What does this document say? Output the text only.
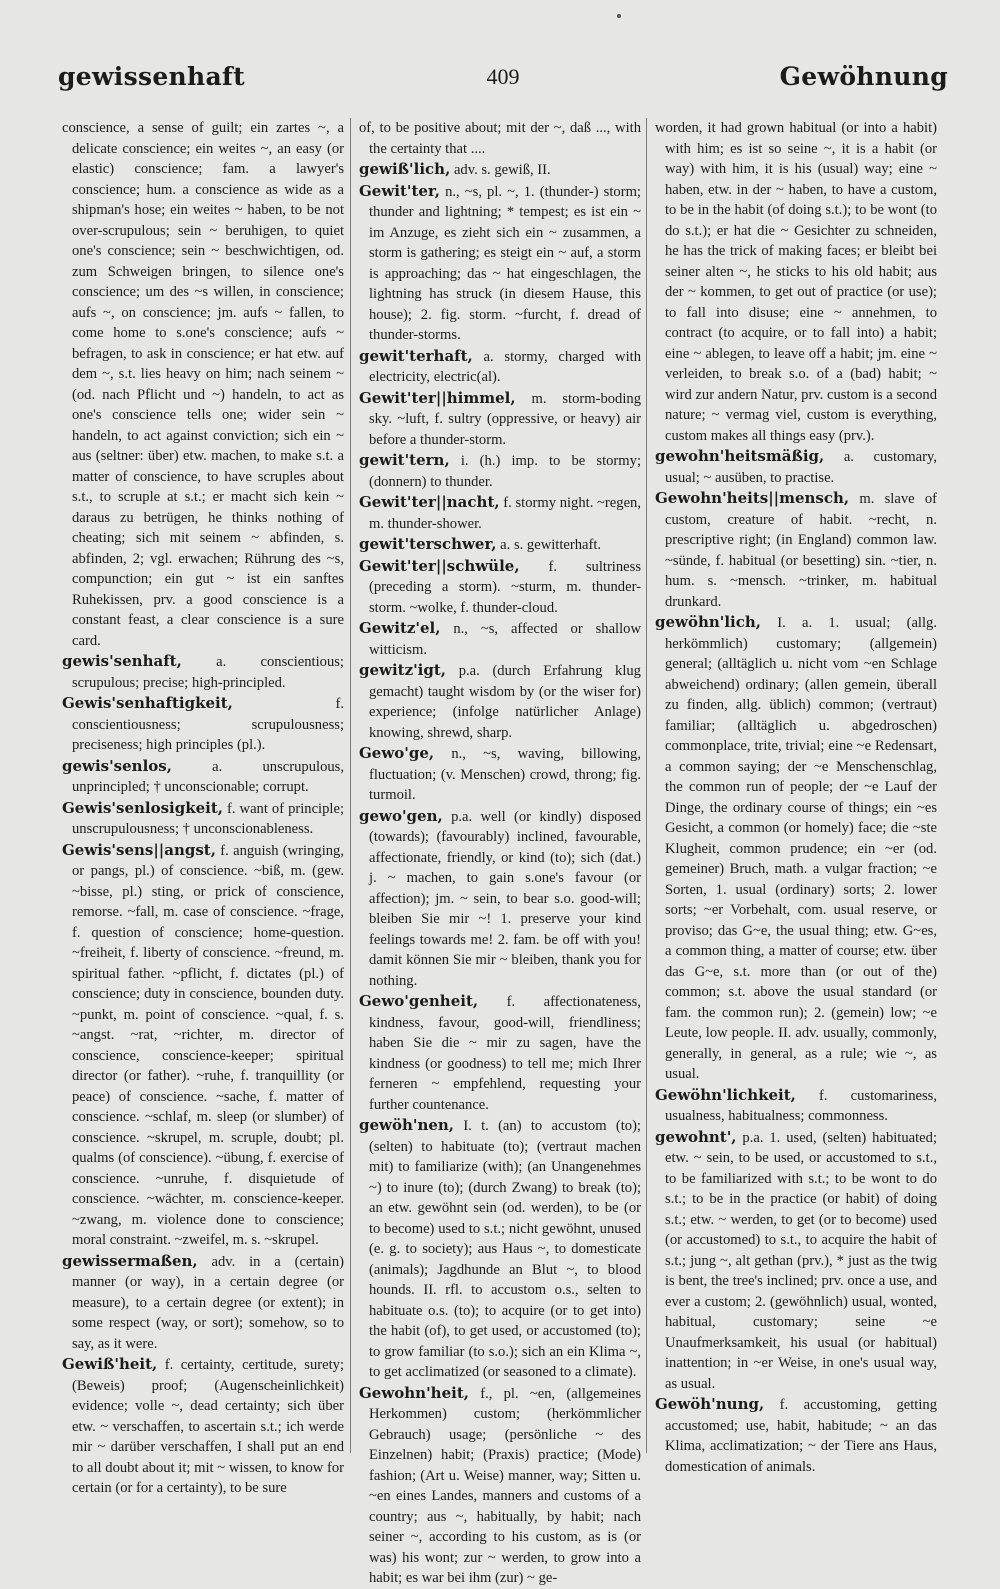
gewissenhaft	409	Gewöhnung

conscience, a sense of guilt; ein zartes ~, a delicate conscience; ein weites ~, an easy (or elastic) conscience; fam. a lawyer's conscience; hum. a conscience as wide as a shipman's hose; ein weites ~ haben, to be not over-scrupulous; sein ~ beruhigen, to quiet one's conscience; sein ~ beschwichtigen, od. zum Schweigen bringen, to silence one's conscience; um des ~s willen, in conscience; aufs ~, on conscience; jm. aufs ~ fallen, to come home to s.one's conscience; aufs ~ befragen, to ask in conscience; er hat etw. auf dem ~, s.t. lies heavy on him; nach seinem ~ (od. nach Pflicht und ~) handeln, to act as one's conscience tells one; wider sein ~ handeln, to act against conviction; sich ein ~ aus (seltner: über) etw. machen, to make s.t. a matter of conscience, to have scruples about s.t., to scruple at s.t.; er macht sich kein ~ daraus zu betrügen, he thinks nothing of cheating; sich mit seinem ~ abfinden, s. abfinden, 2; vgl. erwachen; Rührung des ~s, compunction; ein gut ~ ist ein sanftes Ruhekissen, prv. a good conscience is a constant feast, a clear conscience is a sure card.

gewis'senhaft, a. conscientious; scrupulous; precise; high-principled.

Gewis'senhaftigkeit,	f. conscientiousness; scrupulousness; preciseness; high principles (pl.).

gewis'senlos,	a. unscrupulous, unprincipled; † unconscionable; corrupt.

Gewis'senlosigkeit, f. want of principle; unscrupulousness; † unconscionableness.

Gewis'sens||angst, f. anguish (wringing, or pangs, pl.) of conscience. ~biß, m. (gew. ~bisse, pl.) sting, or prick of conscience, remorse. ~fall, m. case of conscience. ~frage, f. question of conscience; home-question. ~freiheit, f. liberty of conscience. ~freund, m. spiritual father. ~pflicht, f. dictates (pl.) of conscience; duty in conscience, bounden duty. ~punkt, m. point of conscience. ~qual, f. s. ~angst. ~rat, ~richter, m. director of conscience, conscience-keeper; spiritual director (or father). ~ruhe, f. tranquillity (or peace) of conscience. ~sache, f. matter of conscience. ~schlaf, m. sleep (or slumber) of conscience. ~skrupel, m. scruple, doubt; pl. qualms (of conscience). ~übung, f. exercise of conscience. ~unruhe, f. disquietude of conscience. ~wächter, m. conscience-keeper. ~zwang, m. violence done to conscience; moral constraint. ~zweifel, m. s. ~skrupel.

gewissermaßen, adv. in a (certain) manner (or way), in a certain degree (or measure), to a certain degree (or extent); in some respect (way, or sort); somehow, so to say, as it were.

Gewiß'heit, f. certainty, certitude, surety; (Beweis) proof; (Augenscheinlichkeit) evidence; volle ~, dead certainty; sich über etw. ~ verschaffen, to ascertain s.t.; ich werde mir ~ darüber verschaffen, I shall put an end to all doubt about it; mit ~ wissen, to know for certain (or for a certainty), to be sure

of, to be positive about; mit der ~, daß ..., with the certainty that ....

gewiß'lich, adv. s. gewiß, II.

Gewit'ter, n., ~s, pl. ~, 1. (thunder-) storm; thunder and lightning; * tempest; es ist ein ~ im Anzuge, es zieht sich ein ~ zusammen, a storm is gathering; es steigt ein ~ auf, a storm is approaching; das ~ hat eingeschlagen, the lightning has struck (in diesem Hause, this house); 2. fig. storm. ~furcht, f. dread of thunder-storms.

gewit'terhaft, a. stormy, charged with electricity, electric(al).

Gewit'ter||himmel, m. storm-boding sky. ~luft, f. sultry (oppressive, or heavy) air before a thunder-storm.

gewit'tern, i. (h.) imp. to be stormy; (donnern) to thunder.

Gewit'ter||nacht, f. stormy night. ~regen, m. thunder-shower.

gewit'terschwer, a. s. gewitterhaft.

Gewit'ter||schwüle, f. sultriness (preceding a storm). ~sturm, m. thunder-storm. ~wolke, f. thunder-cloud.

Gewitz'el, n., ~s, affected or shallow witticism.

gewitz'igt, p.a. (durch Erfahrung klug gemacht) taught wisdom by (or the wiser for) experience; (infolge natürlicher Anlage) knowing, shrewd, sharp.

Gewo'ge, n., ~s, waving, billowing, fluctuation; (v. Menschen) crowd, throng; fig. turmoil.

gewo'gen, p.a. well (or kindly) disposed (towards); (favourably) inclined, favourable, affectionate, friendly, or kind (to); sich (dat.) j. ~ machen, to gain s.one's favour (or affection); jm. ~ sein, to bear s.o. good-will; bleiben Sie mir ~! 1. preserve your kind feelings towards me! 2. fam. be off with you! damit können Sie mir ~ bleiben, thank you for nothing.

Gewo'genheit, f. affectionateness, kindness, favour, good-will, friendliness; haben Sie die ~ mir zu sagen, have the kindness (or goodness) to tell me; mich Ihrer ferneren ~ empfehlend, requesting your further countenance.

gewöh'nen, I. t. (an) to accustom (to); (selten) to habituate (to); (vertraut machen mit) to familiarize (with); (an Unangenehmes ~) to inure (to); (durch Zwang) to break (to); an etw. gewöhnt sein (od. werden), to be (or to become) used to s.t.; nicht gewöhnt, unused (e. g. to society); aus Haus ~, to domesticate (animals); Jagdhunde an Blut ~, to blood hounds. II. rfl. to accustom o.s., selten to habituate o.s. (to); to acquire (or to get into) the habit (of), to get used, or accustomed (to); to grow familiar (to s.o.); sich an ein Klima ~, to get acclimatized (or seasoned to a climate).

Gewohn'heit, f., pl. ~en, (allgemeines Herkommen) custom; (herkömmlicher Gebrauch) usage; (persönliche ~ des Einzelnen) habit; (Praxis) practice; (Mode) fashion; (Art u. Weise) manner, way; Sitten u. ~en eines Landes, manners and customs of a country; aus ~, habitually, by habit; nach seiner ~, according to his custom, as is (or was) his wont; zur ~ werden, to grow into a habit; es war bei ihm (zur) ~ ge-

worden, it had grown habitual (or into a habit) with him; es ist so seine ~, it is a habit (or way) with him, it is his (usual) way; eine ~ haben, etw. in der ~ haben, to have a custom, to be in the habit (of doing s.t.); to be wont (to do s.t.); er hat die ~ Gesichter zu schneiden, he has the trick of making faces; er bleibt bei seiner alten ~, he sticks to his old habit; aus der ~ kommen, to get out of practice (or use); to fall into disuse; eine ~ annehmen, to contract (to acquire, or to fall into) a habit; eine ~ ablegen, to leave off a habit; jm. eine ~ verleiden, to break s.o. of a (bad) habit; ~ wird zur andern Natur, prv. custom is a second nature; ~ vermag viel, custom is everything, custom makes all things easy (prv.).

gewohn'heitsmäßig, a. customary, usual; ~ ausüben, to practise.

Gewohn'heits||mensch, m. slave of custom, creature of habit. ~recht, n. prescriptive right; (in England) common law. ~sünde, f. habitual (or besetting) sin. ~tier, n. hum. s. ~mensch. ~trinker, m. habitual drunkard.

gewöhn'lich, I. a. 1. usual; (allg. herkömmlich) customary; (allgemein) general; (alltäglich u. nicht vom ~en Schlage abweichend) ordinary; (allen gemein, überall zu finden, allg. üblich) common; (vertraut) familiar; (alltäglich u. abgedroschen) commonplace, trite, trivial; eine ~e Redensart, a common saying; der ~e Menschenschlag, the common run of people; der ~e Lauf der Dinge, the ordinary course of things; ein ~es Gesicht, a common (or homely) face; die ~ste Klugheit, common prudence; ein ~er (od. gemeiner) Bruch, math. a vulgar fraction; ~e Sorten, 1. usual (ordinary) sorts; 2. lower sorts; ~er Vorbehalt, com. usual reserve, or proviso; das G~e, the usual thing; etw. G~es, a common thing, a matter of course; etw. über das G~e, s.t. more than (or out of the) common; s.t. above the usual standard (or fam. the common run); 2. (gemein) low; ~e Leute, low people. II. adv. usually, commonly, generally, in general, as a rule; wie ~, as usual.

Gewöhn'lichkeit, f. customariness, usualness, habitualness; commonness.

gewohnt', p.a. 1. used, (selten) habituated; etw. ~ sein, to be used, or accustomed to s.t., to be familiarized with s.t.; to be wont to do s.t.; to be in the practice (or habit) of doing s.t.; etw. ~ werden, to get (or to become) used (or accustomed) to s.t., to acquire the habit of s.t.; jung ~, alt gethan (prv.), * just as the twig is bent, the tree's inclined; prv. once a use, and ever a custom; 2. (gewöhnlich) usual, wonted, habitual, customary; seine ~e Unaufmerksamkeit, his usual (or habitual) inattention; in ~er Weise, in one's usual way, as usual.

Gewöh'nung, f. accustoming, getting accustomed; use, habit, habitude; ~ an das Klima, acclimatization; ~ der Tiere ans Haus, domestication of animals.
